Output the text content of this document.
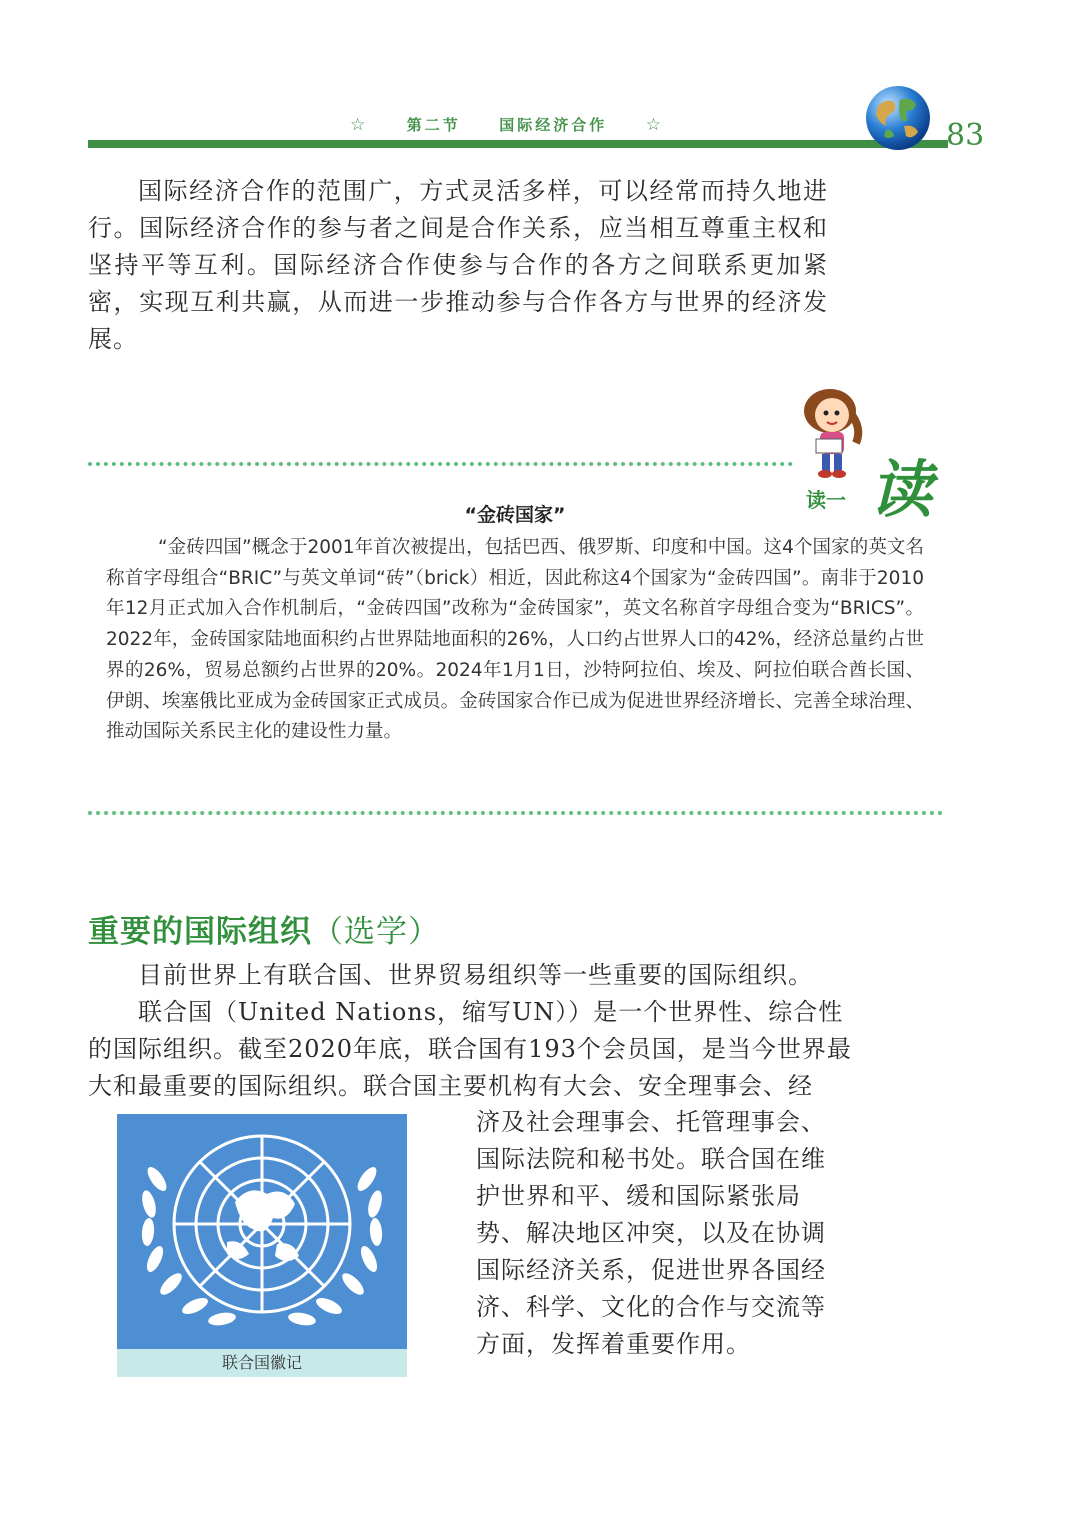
☆	第二节	国际经济合作 ☆	83

国际经济合作的范围广，方式灵活多样，可以经常而持久地进行。国际经济合作的参与者之间是合作关系，应当相互尊重主权和坚持平等互利。国际经济合作使参与合作的各方之间联系更加紧密，实现互利共赢，从而进一步推动参与合作各方与世界的经济发展。

读一 读
“金砖国家”

“金砖四国”概念于2001年首次被提出，包括巴西、俄罗斯、印度和中国。这4个国家的英文名称首字母组合“BRIC”与英文单词“砖”（brick）相近，因此称这4个国家为“金砖四国”。南非于2010年12月正式加入合作机制后，“金砖四国”改称为“金砖国家”，英文名称首字母组合变为“BRICS”。2022年，金砖国家陆地面积约占世界陆地面积的26%，人口约占世界人口的42%，经济总量约占世界的26%，贸易总额约占世界的20%。2024年1月1日，沙特阿拉伯、埃及、阿拉伯联合酋长国、伊朗、埃塞俄比亚成为金砖国家正式成员。金砖国家合作已成为促进世界经济增长、完善全球治理、推动国际关系民主化的建设性力量。

重要的国际组织（选学）

目前世界上有联合国、世界贸易组织等一些重要的国际组织。

联合国（United Nations，缩写UN））是一个世界性、综合性
的国际组织。截至2020年底，联合国有193个会员国，是当今世界最
大和最重要的国际组织。联合国主要机构有大会、安全理事会、经
济及社会理事会、托管理事会、
国际法院和秘书处。联合国在维
护世界和平、缓和国际紧张局
势、解决地区冲突，以及在协调
国际经济关系，促进世界各国经
济、科学、文化的合作与交流等
方面，发挥着重要作用。
联合国徽记
